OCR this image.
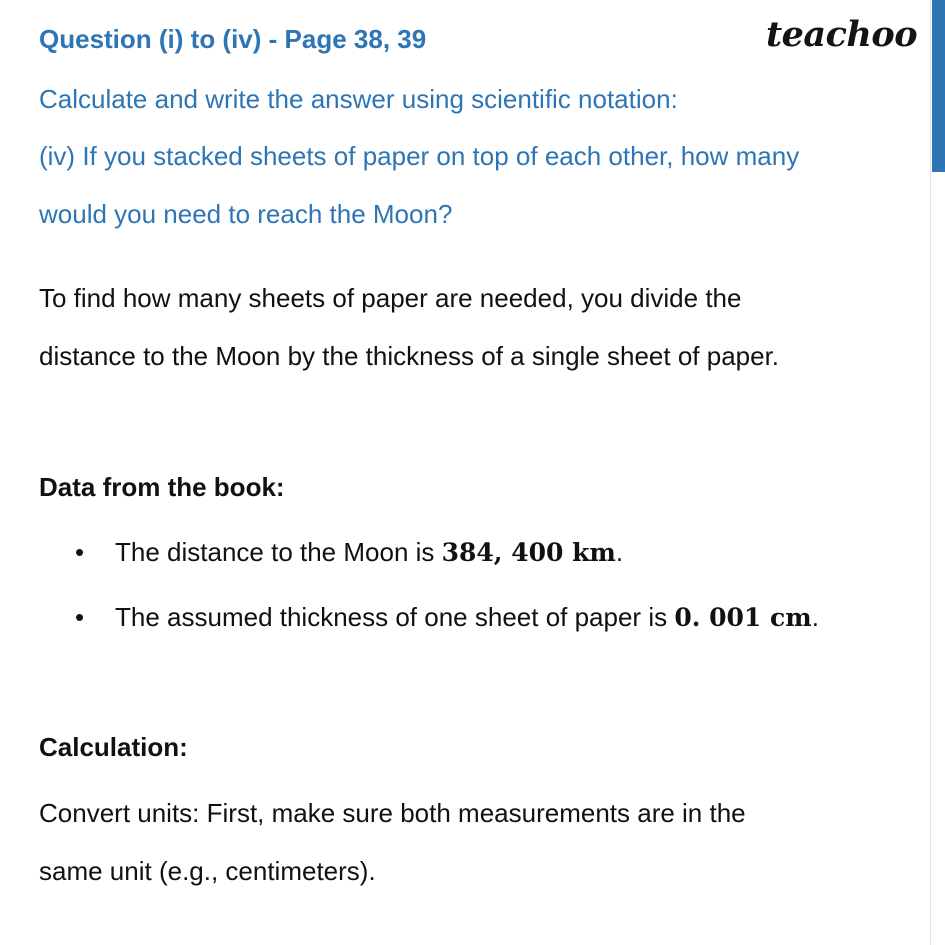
teachoo
Question (i) to (iv) - Page 38, 39
Calculate and write the answer using scientific notation:
(iv) If you stacked sheets of paper on top of each other, how many
would you need to reach the Moon?
To find how many sheets of paper are needed, you divide the
distance to the Moon by the thickness of a single sheet of paper.
Data from the book:
• The distance to the Moon is 384, 400 km.
• The assumed thickness of one sheet of paper is 0. 001 cm.
Calculation:
Convert units: First, make sure both measurements are in the
same unit (e.g., centimeters).
